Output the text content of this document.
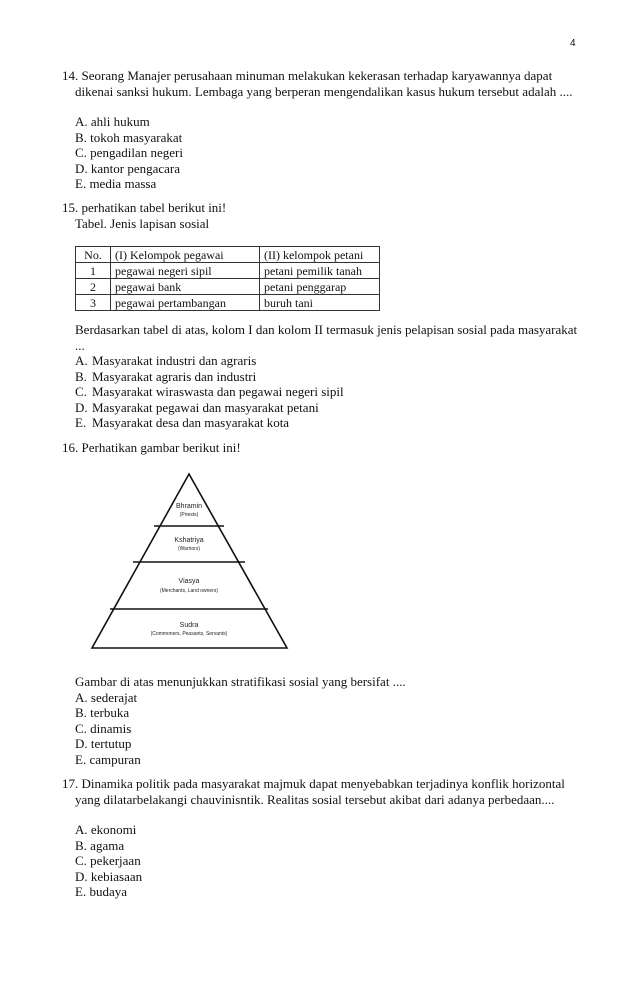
4
14. Seorang Manajer perusahaan minuman melakukan kekerasan terhadap karyawannya dapat
dikenai sanksi hukum. Lembaga yang berperan mengendalikan kasus hukum tersebut adalah ....
A. ahli hukum
B. tokoh masyarakat
C. pengadilan negeri
D. kantor pengacara
E. media massa
15. perhatikan tabel berikut ini!
Tabel. Jenis lapisan sosial
No.	(I) Kelompok pegawai	(II) kelompok petani
1	pegawai negeri sipil	petani pemilik tanah
2	pegawai bank	petani penggarap
3	pegawai pertambangan	buruh tani
Berdasarkan tabel di atas, kolom I dan kolom II termasuk jenis pelapisan sosial pada masyarakat
...
A. Masyarakat industri dan agraris
B. Masyarakat agraris dan industri
C. Masyarakat wiraswasta dan pegawai negeri sipil
D. Masyarakat pegawai dan masyarakat petani
E. Masyarakat desa dan masyarakat kota
16. Perhatikan gambar berikut ini!
Bhramin
(Priests)
Kshatriya
(Warriors)
Viasya
(Merchants, Land owners)
Sudra
(Commoners, Peasants, Servants)
Gambar di atas menunjukkan stratifikasi sosial yang bersifat ....
A. sederajat
B. terbuka
C. dinamis
D. tertutup
E. campuran
17. Dinamika politik pada masyarakat majmuk dapat menyebabkan terjadinya konflik horizontal
yang dilatarbelakangi chauvinisntik. Realitas sosial tersebut akibat dari adanya perbedaan....
A. ekonomi
B. agama
C. pekerjaan
D. kebiasaan
E. budaya
